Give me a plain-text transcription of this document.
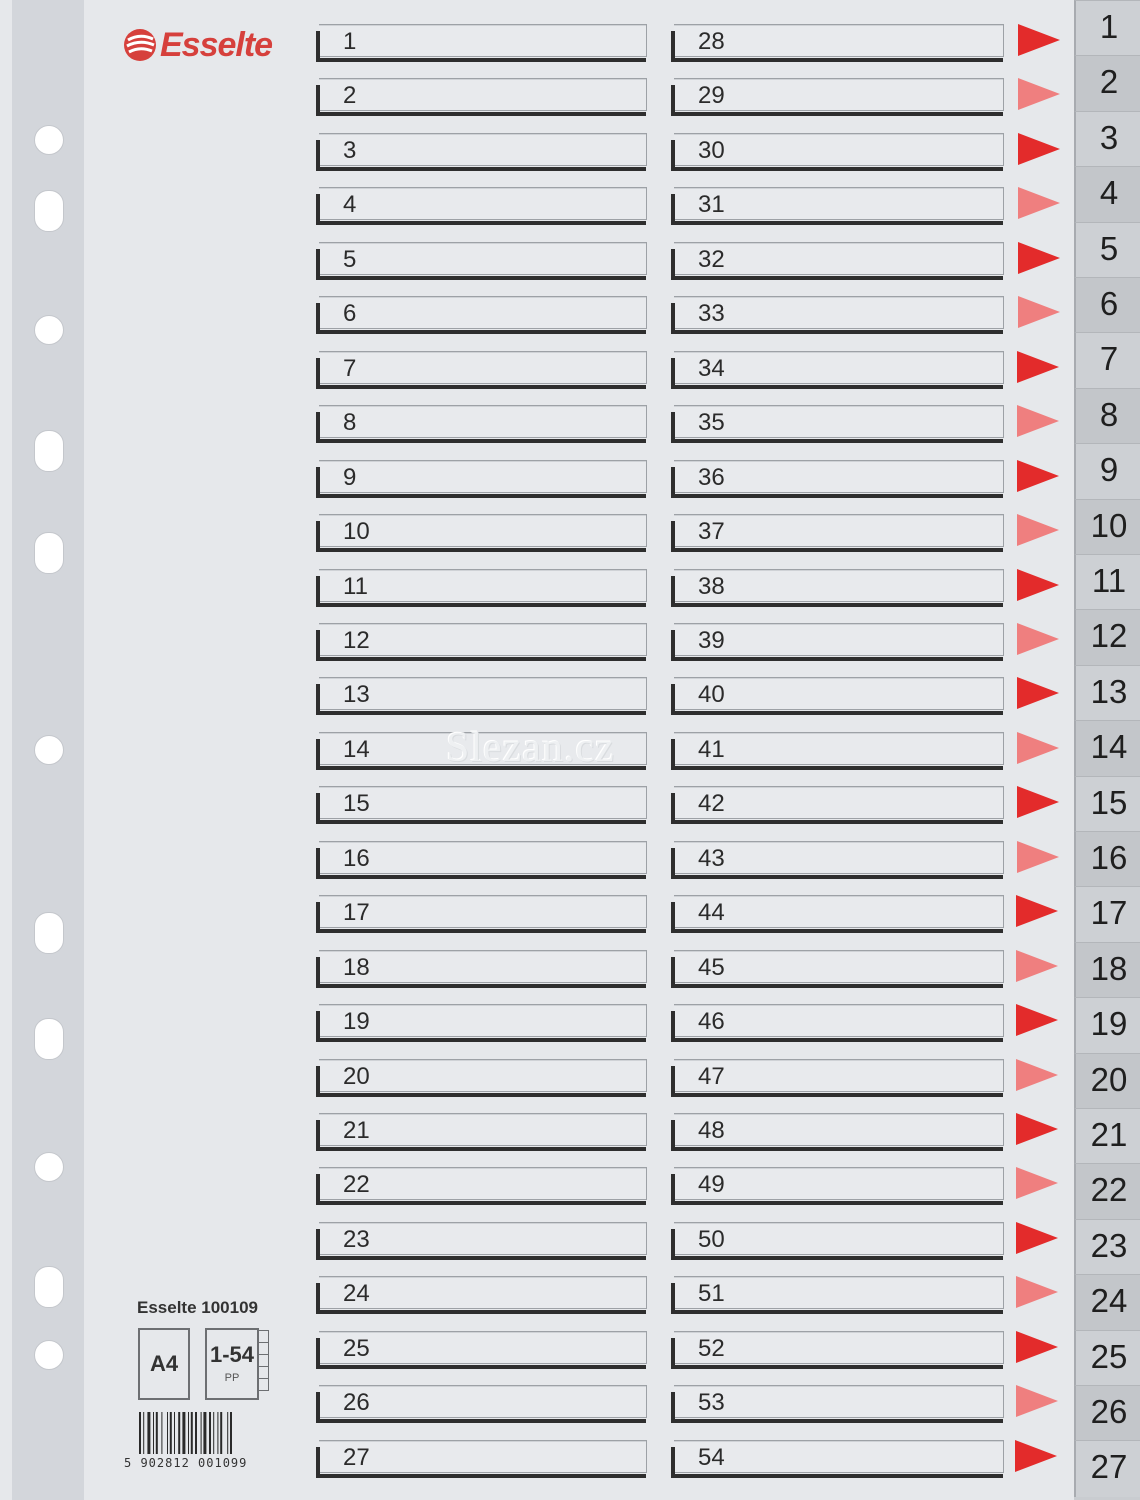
Esselte	1
2
3
4
5
6
7
8
9
10
11
12
13
14
15
16
17
18
19
20
21
22
23
24
25
26
27
28
29
30
31
32
33
34
35
36
37
38
39
40
41
42
43
44
45
46
47
48
49
50
51
52
53
54
Slezan.cz
Esselte 100109
A4	1-54
PP
5 902812 001099
1
2
3
4
5
6
7
8
9
10
11
12
13
14
15
16
17
18
19
20
21
22
23
24
25
26
27
